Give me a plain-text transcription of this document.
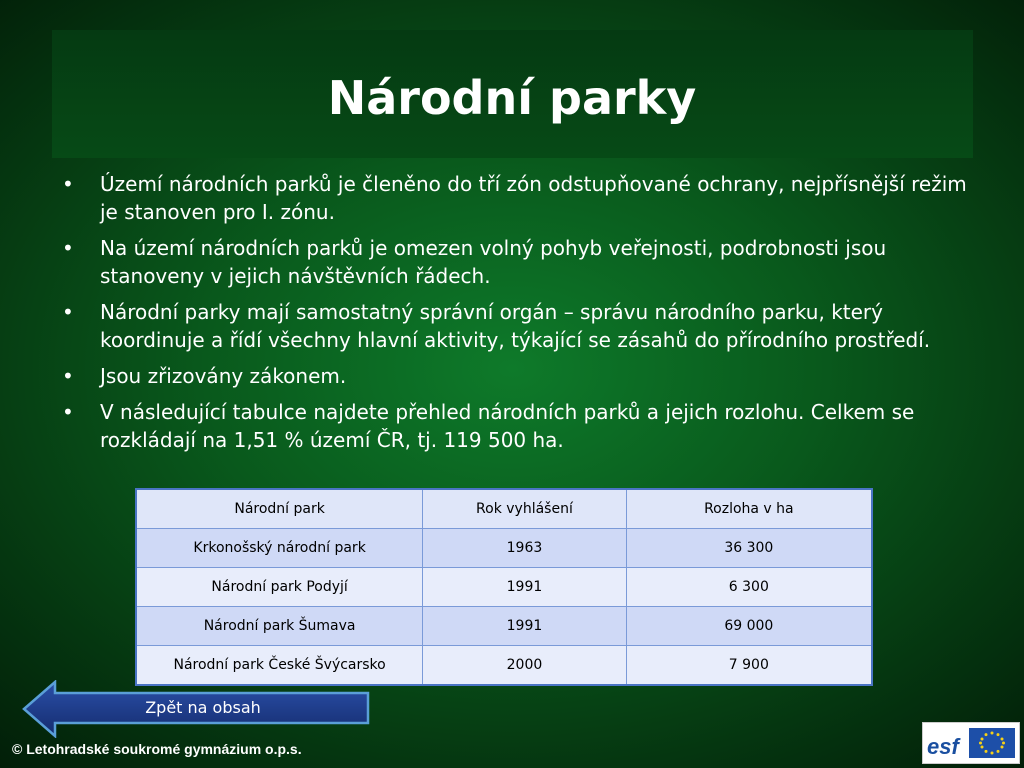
Národní parky
• Území národních parků je členěno do tří zón odstupňované ochrany, nejpřísnější režim je stanoven pro I. zónu.
• Na území národních parků je omezen volný pohyb veřejnosti, podrobnosti jsou stanoveny v jejich návštěvních řádech.
• Národní parky mají samostatný správní orgán – správu národního parku, který koordinuje a řídí všechny hlavní aktivity, týkající se zásahů do přírodního prostředí.
• Jsou zřizovány zákonem.
• V následující tabulce najdete přehled národních parků a jejich rozlohu. Celkem se rozkládají na 1,51 % území ČR, tj. 119 500 ha.
Národní park	Rok vyhlášení	Rozloha v ha
Krkonošský národní park	1963	36 300
Národní park Podyjí	1991	6 300
Národní park Šumava	1991	69 000
Národní park České Švýcarsko	2000	7 900
Zpět na obsah
© Letohradské soukromé gymnázium o.p.s.	esf
